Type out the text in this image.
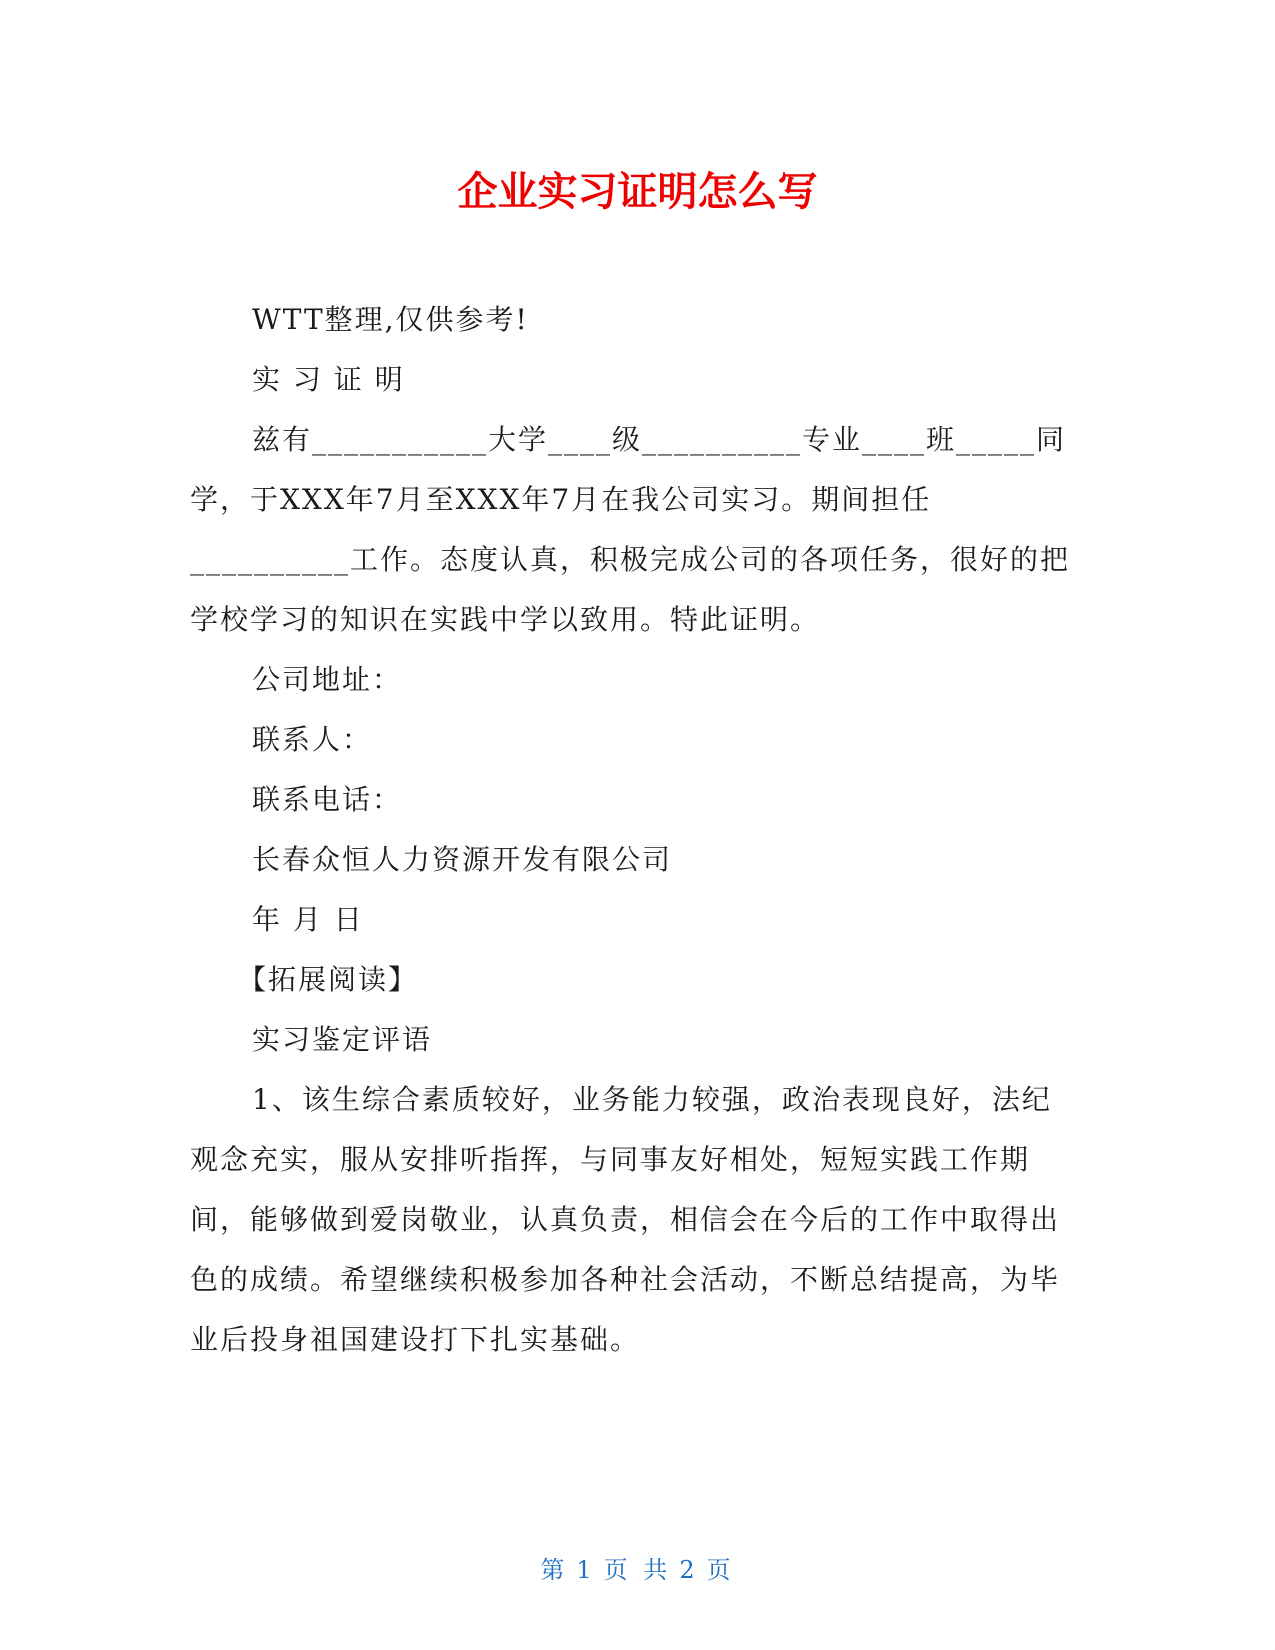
企业实习证明怎么写

WTT整理,仅供参考!

实 习 证 明

兹有___________大学____级__________专业____班_____同学，于XXX年7月至XXX年7月在我公司实习。期间担任__________工作。态度认真，积极完成公司的各项任务，很好的把学校学习的知识在实践中学以致用。特此证明。

公司地址：

联系人：

联系电话：

长春众恒人力资源开发有限公司

年 月 日

【拓展阅读】

实习鉴定评语

1、该生综合素质较好，业务能力较强，政治表现良好，法纪观念充实，服从安排听指挥，与同事友好相处，短短实践工作期间，能够做到爱岗敬业，认真负责，相信会在今后的工作中取得出色的成绩。希望继续积极参加各种社会活动，不断总结提高，为毕业后投身祖国建设打下扎实基础。

第 1 页 共 2 页
